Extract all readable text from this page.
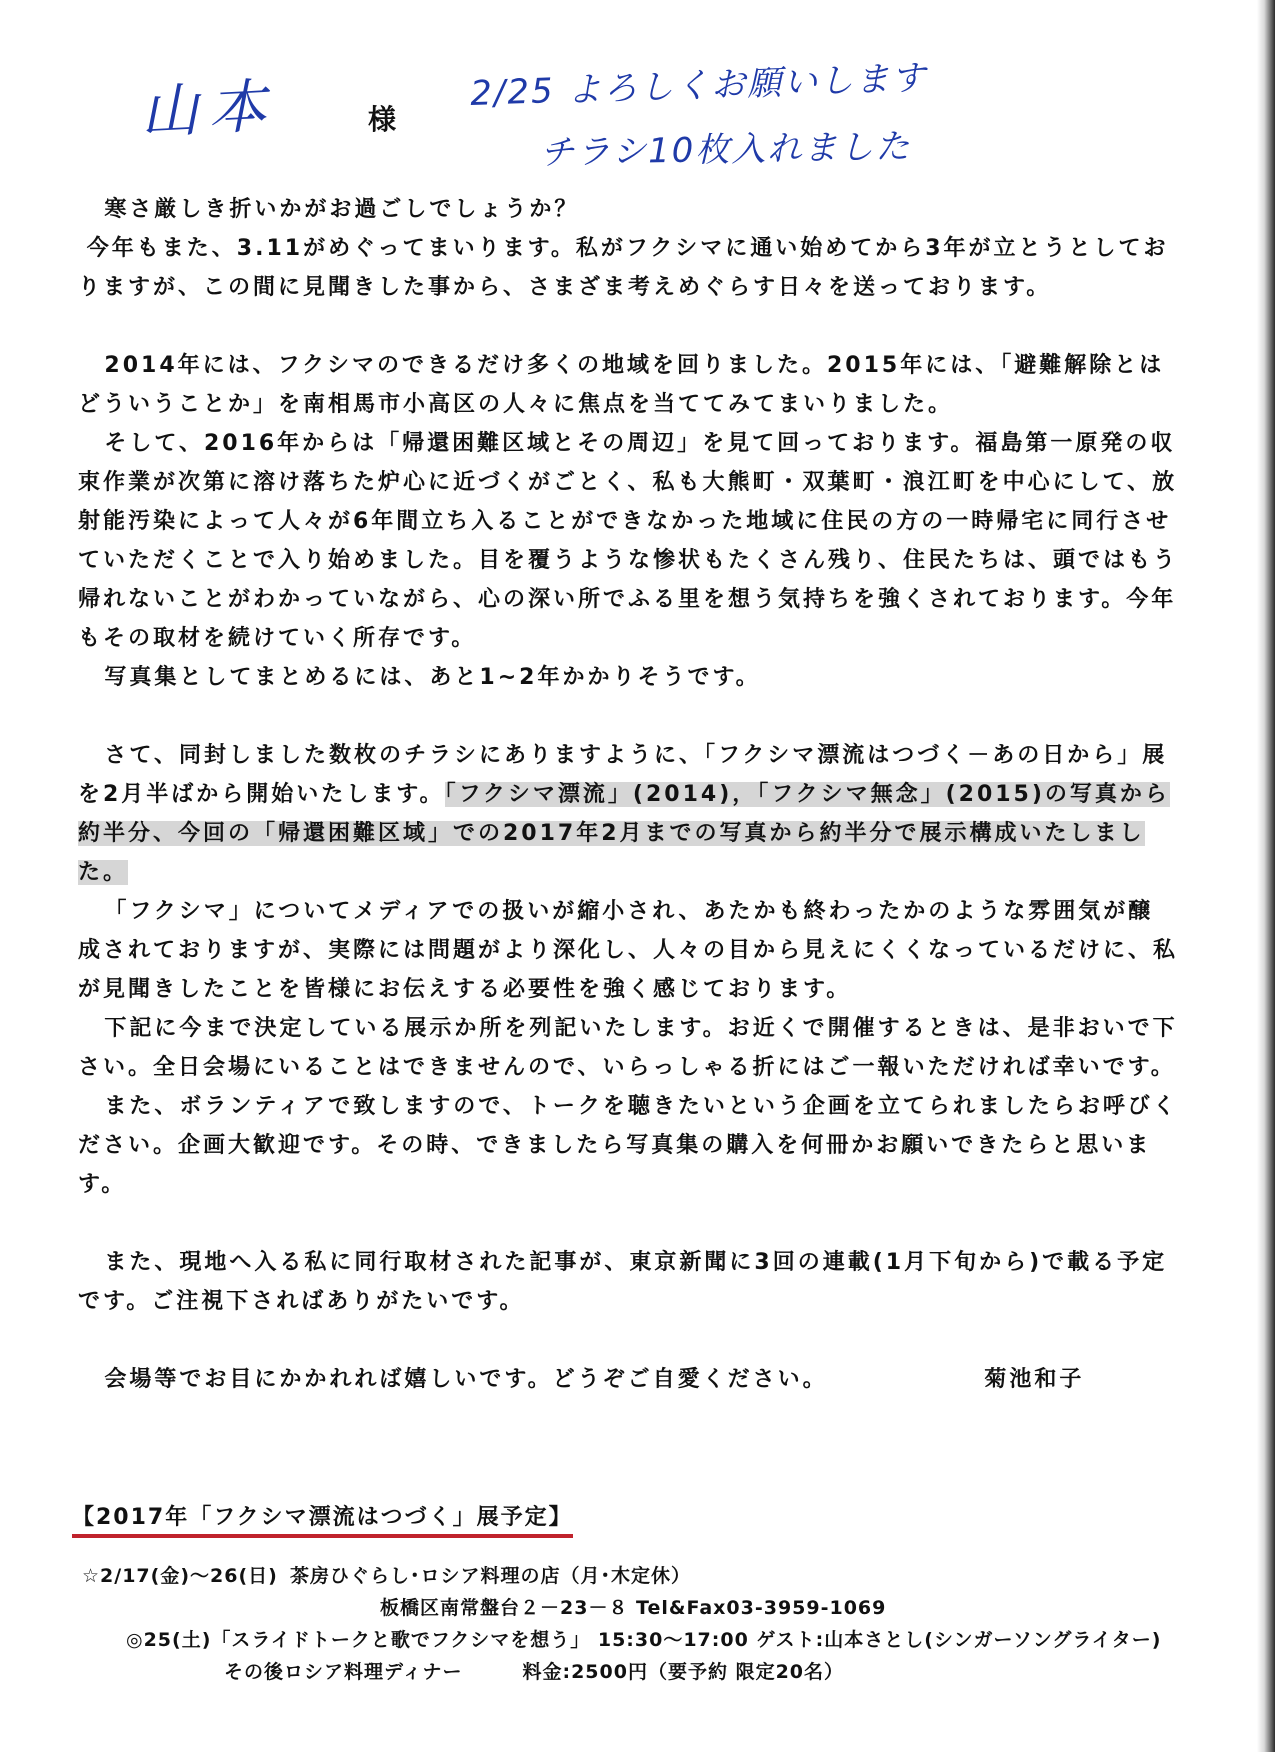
山本	様
2/25 よろしくお願いします
チラシ10枚入れました

寒さ厳しき折いかがお過ごしでしょうか？

今年もまた、3.11がめぐってまいります。私がフクシマに通い始めてから3年が立とうとしておりますが、この間に見聞きした事から、さまざま考えめぐらす日々を送っております。

2014年には、フクシマのできるだけ多くの地域を回りました。2015年には、「避難解除とはどういうことか」を南相馬市小高区の人々に焦点を当ててみてまいりました。

そして、2016年からは「帰還困難区域とその周辺」を見て回っております。福島第一原発の収束作業が次第に溶け落ちた炉心に近づくがごとく、私も大熊町・双葉町・浪江町を中心にして、放射能汚染によって人々が6年間立ち入ることができなかった地域に住民の方の一時帰宅に同行させていただくことで入り始めました。目を覆うような惨状もたくさん残り、住民たちは、頭ではもう帰れないことがわかっていながら、心の深い所でふる里を想う気持ちを強くされております。今年もその取材を続けていく所存です。

写真集としてまとめるには、あと1~2年かかりそうです。

さて、同封しました数枚のチラシにありますように、「フクシマ漂流はつづく－あの日から」展を2月半ばから開始いたします。「フクシマ漂流」(2014)，「フクシマ無念」(2015)の写真から約半分、今回の「帰還困難区域」での2017年2月までの写真から約半分で展示構成いたしました。

「フクシマ」についてメディアでの扱いが縮小され、あたかも終わったかのような雰囲気が醸成されておりますが、実際には問題がより深化し、人々の目から見えにくくなっているだけに、私が見聞きしたことを皆様にお伝えする必要性を強く感じております。

下記に今まで決定している展示か所を列記いたします。お近くで開催するときは、是非おいで下さい。全日会場にいることはできませんので、いらっしゃる折にはご一報いただければ幸いです。

また、ボランティアで致しますので、トークを聴きたいという企画を立てられましたらお呼びください。企画大歓迎です。その時、できましたら写真集の購入を何冊かお願いできたらと思います。

また、現地へ入る私に同行取材された記事が、東京新聞に3回の連載(1月下旬から)で載る予定です。ご注視下さればありがたいです。

会場等でお目にかかれれば嬉しいです。どうぞご自愛ください。	菊池和子

【2017年「フクシマ漂流はつづく」展予定】
☆2/17(金)～26(日) 茶房ひぐらし･ロシア料理の店（月･木定休）
板橋区南常盤台２－23－８ Tel&Fax03-3959-1069
◎25(土)「スライドトークと歌でフクシマを想う」 15:30～17:00 ゲスト:山本さとし(シンガーソングライター)
その後ロシア料理ディナー	料金:2500円（要予約 限定20名）
